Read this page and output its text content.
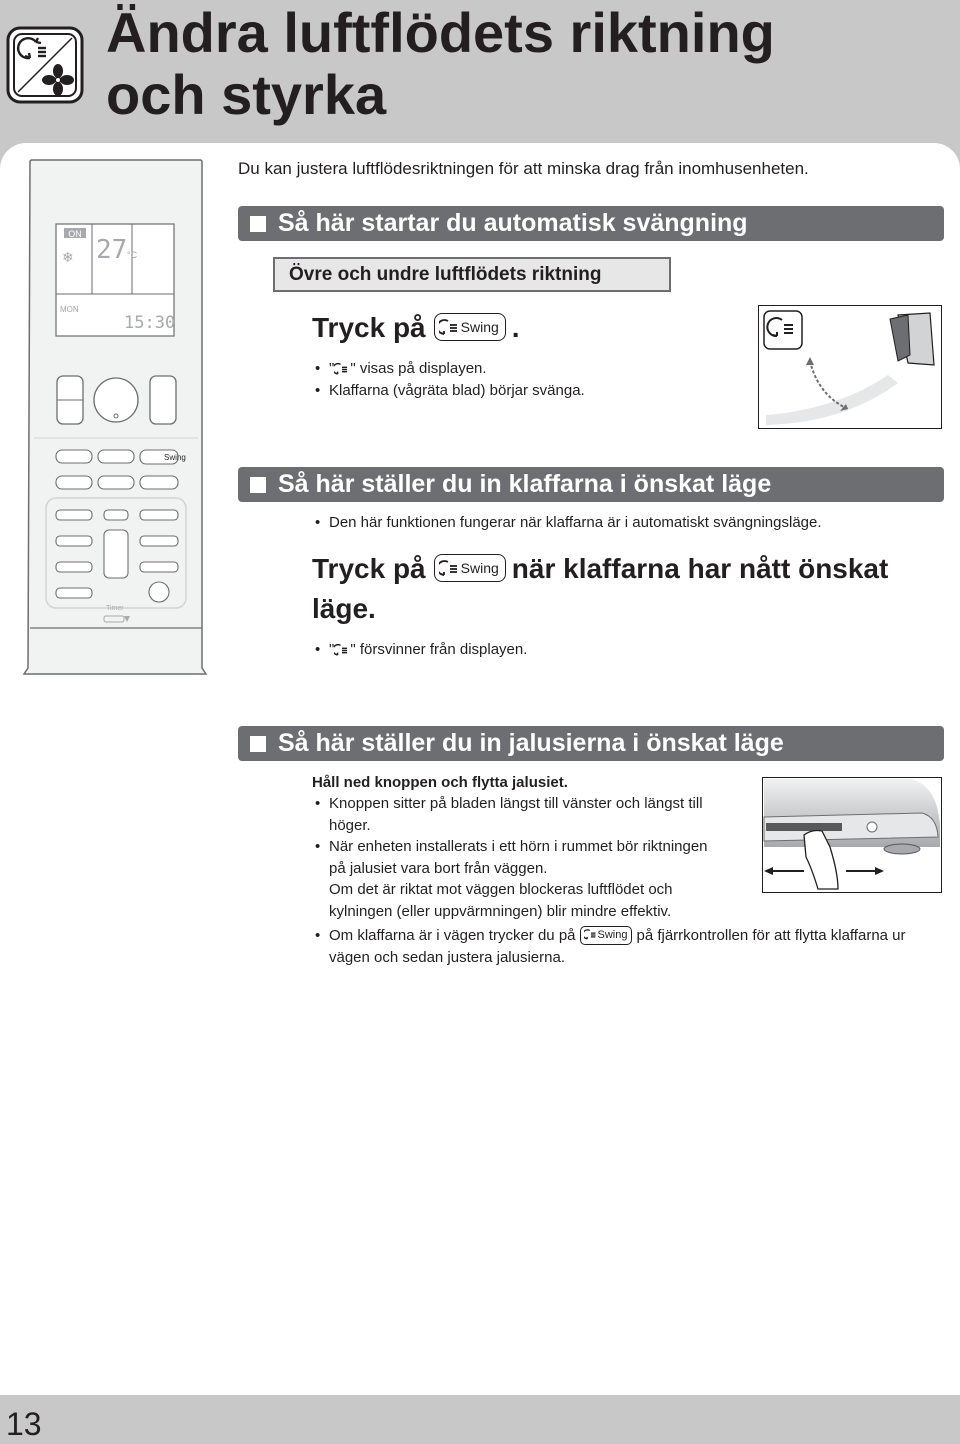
Ändra luftflödets riktning
och styrka
ON
27 °C
❄
MON
15:30
Swing
Timer
Du kan justera luftflödesriktningen för att minska drag från inomhusenheten.
Så här startar du automatisk svängning
Övre och undre luftflödets riktning
Tryck på	Swing .
• " " visas på displayen.
• Klaffarna (vågräta blad) börjar svänga.
Så här ställer du in klaffarna i önskat läge
• Den här funktionen fungerar när klaffarna är i automatiskt svängningsläge.
Tryck på	Swing när klaffarna har nått önskat
läge.
• " " försvinner från displayen.
Så här ställer du in jalusierna i önskat läge
Håll ned knoppen och flytta jalusiet.
• Knoppen sitter på bladen längst till vänster och längst till
höger.
• När enheten installerats i ett hörn i rummet bör riktningen
på jalusiet vara bort från väggen.
Om det är riktat mot väggen blockeras luftflödet och
kylningen (eller uppvärmningen) blir mindre effektiv.
• Om klaffarna är i vägen trycker du på Swing på fjärrkontrollen för att flytta klaffarna ur
vägen och sedan justera jalusierna.
13
